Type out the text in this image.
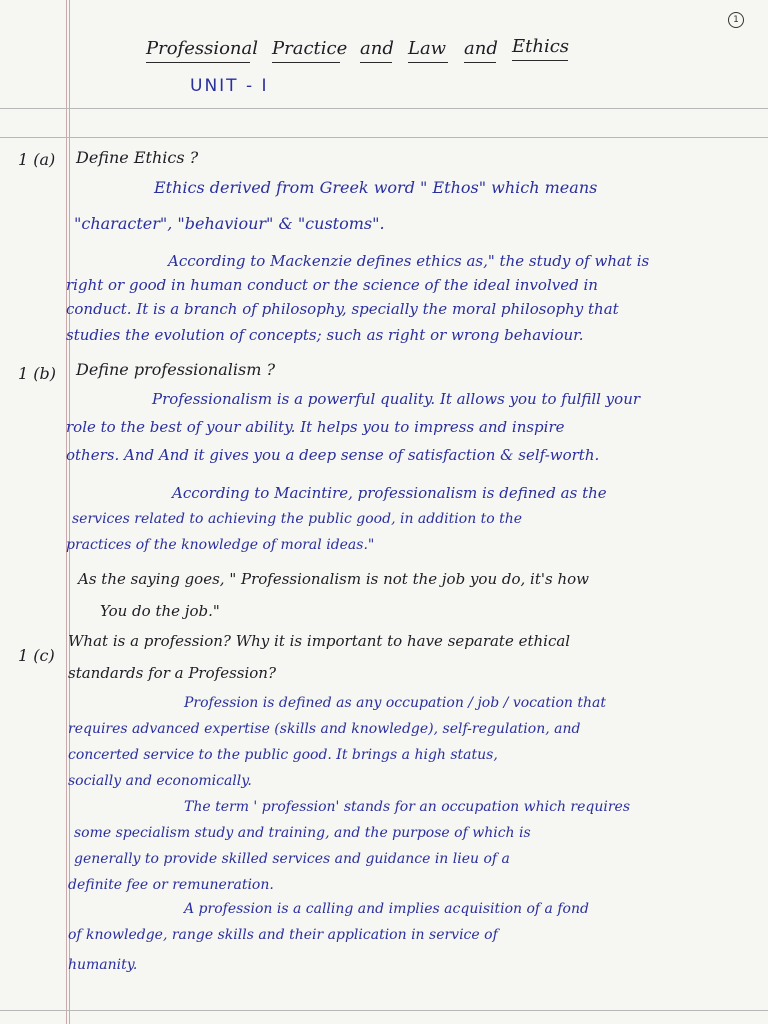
1
Professional Practice and Law and Ethics
UNIT - I
1 (a) Define Ethics ?
Ethics derived from Greek word " Ethos" which means
"character", "behaviour" & "customs".
According to Mackenzie defines ethics as," the study of what is
right or good in human conduct or the science of the ideal involved in
conduct. It is a branch of philosophy, specially the moral philosophy that
studies the evolution of concepts; such as right or wrong behaviour.
1 (b) Define professionalism ?
Professionalism is a powerful quality. It allows you to fulfill your
role to the best of your ability. It helps you to impress and inspire
others. And And it gives you a deep sense of satisfaction & self-worth.
According to Macintire, professionalism is defined as the
services related to achieving the public good, in addition to the
practices of the knowledge of moral ideas."
As the saying goes, " Professionalism is not the job you do, it's how
You do the job."
1 (c)
What is a profession? Why it is important to have separate ethical
standards for a Profession?
Profession is defined as any occupation / job / vocation that
requires advanced expertise (skills and knowledge), self-regulation, and
concerted service to the public good. It brings a high status,
socially and economically.
The term ' profession' stands for an occupation which requires
some specialism study and training, and the purpose of which is
generally to provide skilled services and guidance in lieu of a
definite fee or remuneration.
A profession is a calling and implies acquisition of a fond
of knowledge, range skills and their application in service of
humanity.
